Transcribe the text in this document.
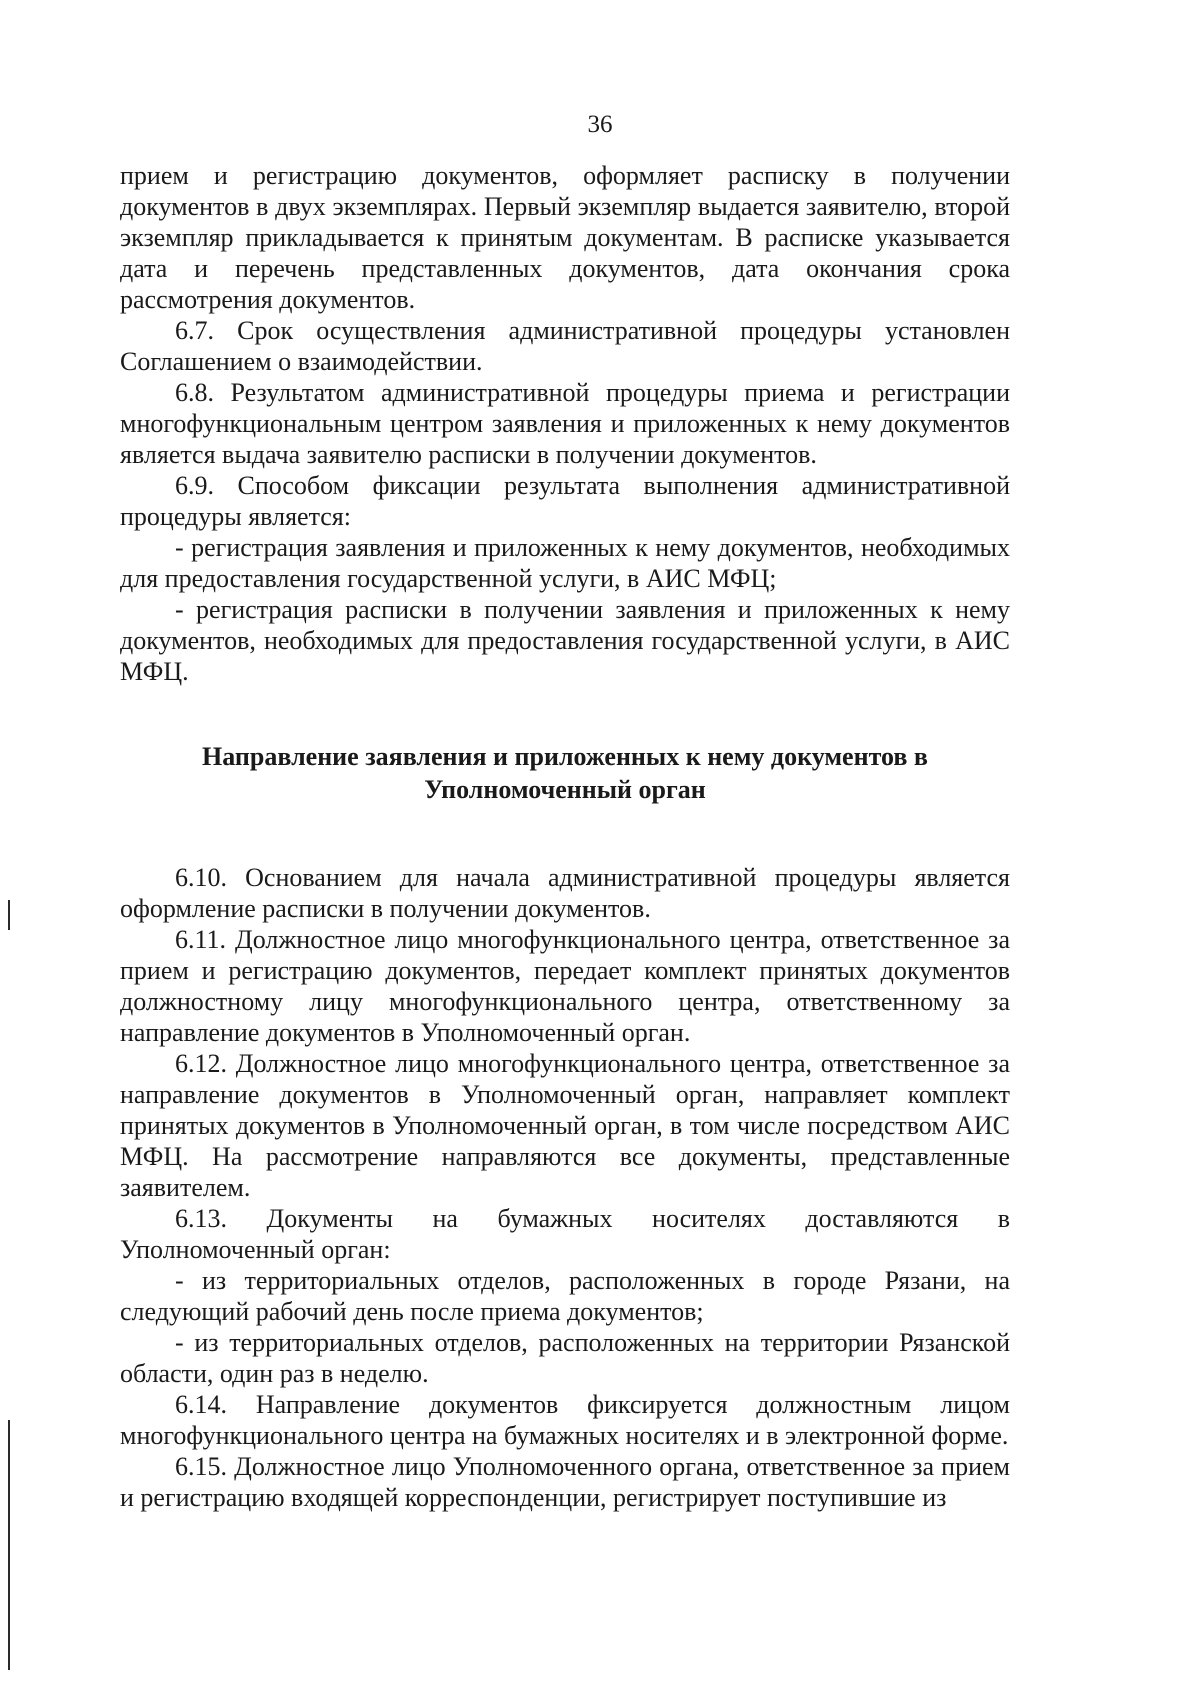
36

прием и регистрацию документов, оформляет расписку в получении документов в двух экземплярах. Первый экземпляр выдается заявителю, второй экземпляр прикладывается к принятым документам. В расписке указывается дата и перечень представленных документов, дата окончания срока рассмотрения документов.

6.7. Срок осуществления административной процедуры установлен Соглашением о взаимодействии.

6.8. Результатом административной процедуры приема и регистрации многофункциональным центром заявления и приложенных к нему документов является выдача заявителю расписки в получении документов.

6.9. Способом фиксации результата выполнения административной процедуры является:

- регистрация заявления и приложенных к нему документов, необходимых для предоставления государственной услуги, в АИС МФЦ;

- регистрация расписки в получении заявления и приложенных к нему документов, необходимых для предоставления государственной услуги, в АИС МФЦ.

Направление заявления и приложенных к нему документов в
Уполномоченный орган

6.10. Основанием для начала административной процедуры является оформление расписки в получении документов.

6.11. Должностное лицо многофункционального центра, ответственное за прием и регистрацию документов, передает комплект принятых документов должностному лицу многофункционального центра, ответственному за направление документов в Уполномоченный орган.

6.12. Должностное лицо многофункционального центра, ответственное за направление документов в Уполномоченный орган, направляет комплект принятых документов в Уполномоченный орган, в том числе посредством АИС МФЦ. На рассмотрение направляются все документы, представленные заявителем.

6.13. Документы на бумажных носителях доставляются в Уполномоченный орган:

- из территориальных отделов, расположенных в городе Рязани, на следующий рабочий день после приема документов;

- из территориальных отделов, расположенных на территории Рязанской области, один раз в неделю.

6.14. Направление документов фиксируется должностным лицом многофункционального центра на бумажных носителях и в электронной форме.

6.15. Должностное лицо Уполномоченного органа, ответственное за прием и регистрацию входящей корреспонденции, регистрирует поступившие из
